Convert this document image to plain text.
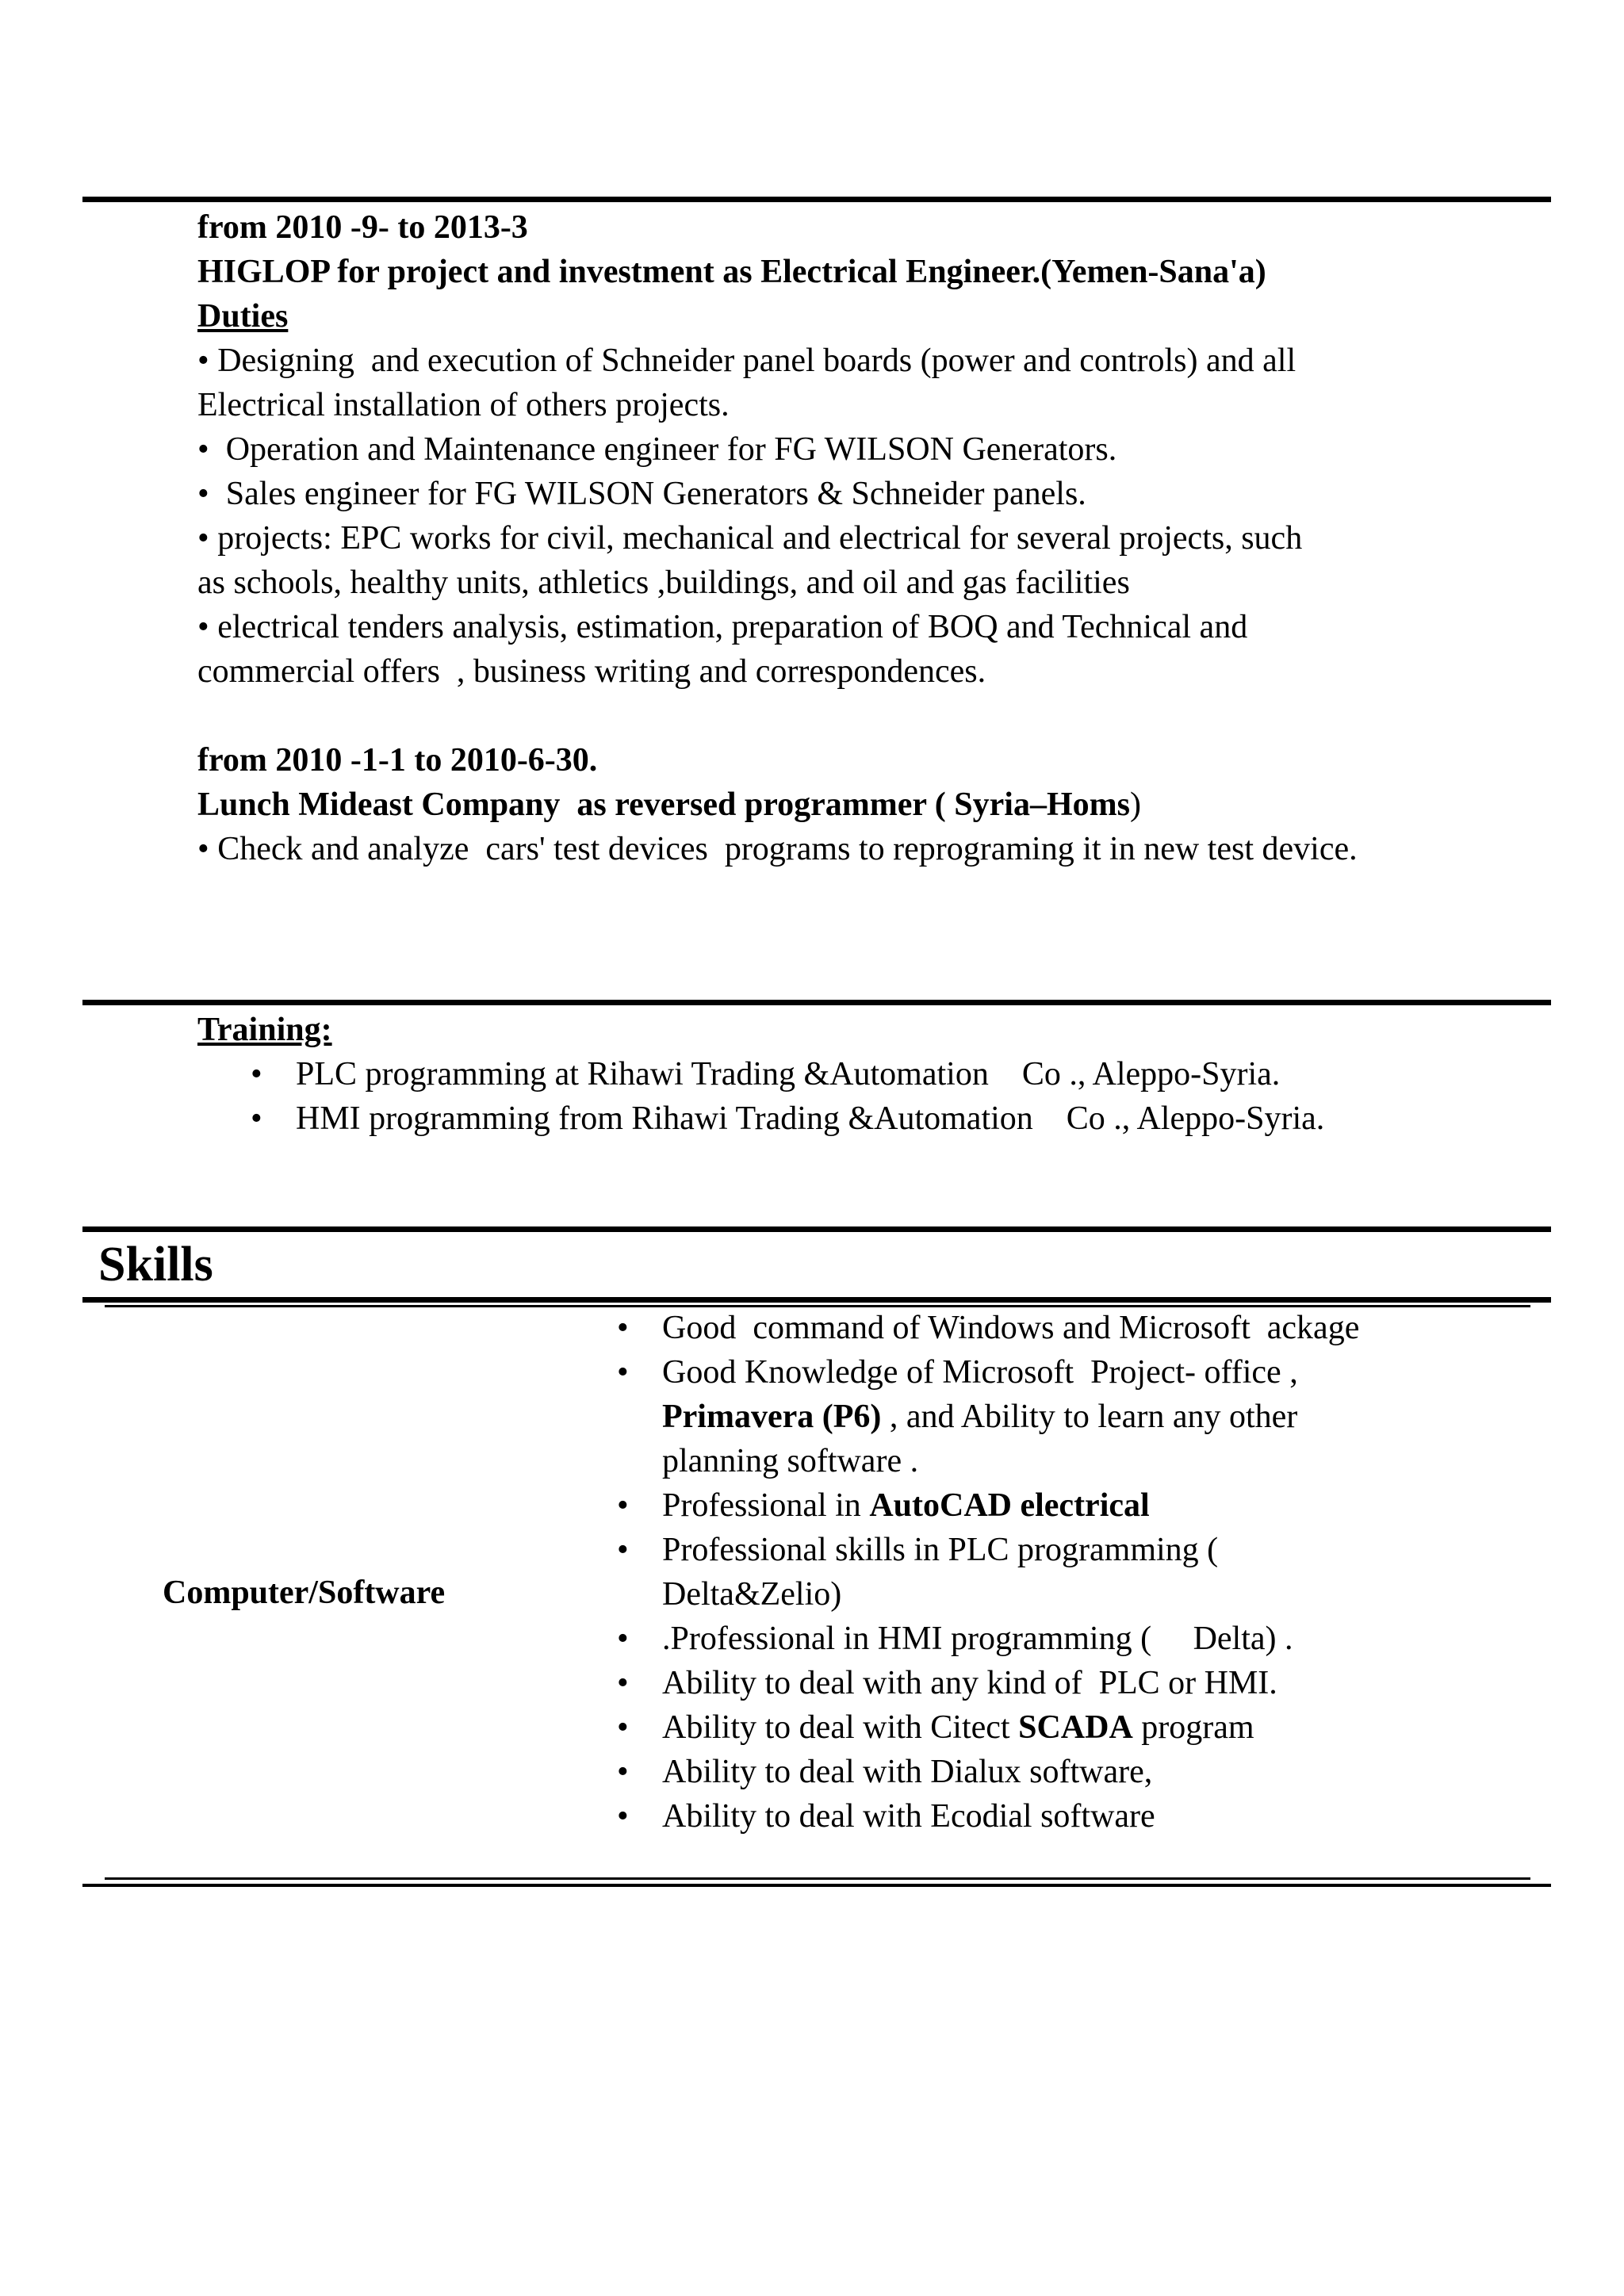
from 2010 -9- to 2013-3
HIGLOP for project and investment as Electrical Engineer.(Yemen-Sana'a)
Duties
• Designing  and execution of Schneider panel boards (power and controls) and all
Electrical installation of others projects.
•  Operation and Maintenance engineer for FG WILSON Generators.
•  Sales engineer for FG WILSON Generators & Schneider panels.
• projects: EPC works for civil, mechanical and electrical for several projects, such
as schools, healthy units, athletics ,buildings, and oil and gas facilities
• electrical tenders analysis, estimation, preparation of BOQ and Technical and
commercial offers  , business writing and correspondences.
from 2010 -1-1 to 2010-6-30.
Lunch Mideast Company  as reversed programmer ( Syria–Homs)
• Check and analyze  cars' test devices  programs to reprograming it in new test device.
Training:
• PLC programming at Rihawi Trading &Automation    Co ., Aleppo-Syria.
• HMI programming from Rihawi Trading &Automation    Co ., Aleppo-Syria.
Skills
Computer/Software
• Good  command of Windows and Microsoft  ackage
• Good Knowledge of Microsoft  Project- office ,
Primavera (P6) , and Ability to learn any other
planning software .
• Professional in AutoCAD electrical
• Professional skills in PLC programming (
Delta&Zelio)
• .Professional in HMI programming (     Delta) .
• Ability to deal with any kind of  PLC or HMI.
• Ability to deal with Citect SCADA program
• Ability to deal with Dialux software,
• Ability to deal with Ecodial software
